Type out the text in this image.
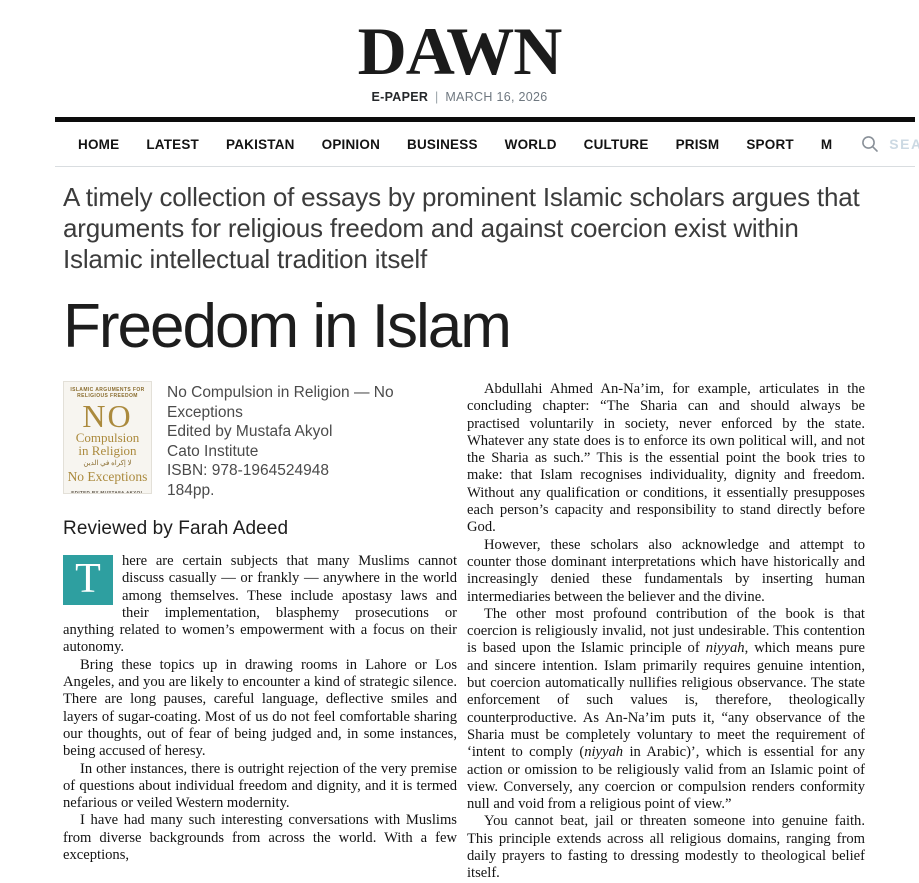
DAWN
E-PAPER | MARCH 16, 2026
HOME LATEST PAKISTAN OPINION BUSINESS WORLD CULTURE PRISM SPORT M
SEARCH
A timely collection of essays by prominent Islamic scholars argues that arguments for religious freedom and against coercion exist within Islamic intellectual tradition itself
Freedom in Islam
ISLAMIC ARGUMENTS FOR RELIGIOUS FREEDOM
NO
Compulsion
in Religion
لا إكراه في الدين
No Exceptions
EDITED BY MUSTAFA AKYOL
No Compulsion in Religion — No Exceptions
Edited by Mustafa Akyol
Cato Institute
ISBN: 978-1964524948
184pp.
Reviewed by Farah Adeed

T	here are certain subjects that many Muslims cannot discuss casually — or frankly — anywhere in the world among themselves. These include apostasy laws and their implementation, blasphemy prosecutions or anything related to women’s empowerment with a focus on their autonomy.

Bring these topics up in drawing rooms in Lahore or Los Angeles, and you are likely to encounter a kind of strategic silence. There are long pauses, careful language, deflective smiles and layers of sugar-coating. Most of us do not feel comfortable sharing our thoughts, out of fear of being judged and, in some instances, being accused of heresy.

In other instances, there is outright rejection of the very premise of questions about individual freedom and dignity, and it is termed nefarious or veiled Western modernity.

I have had many such interesting conversations with Muslims from diverse backgrounds from across the world. With a few exceptions,

Abdullahi Ahmed An-Na’im, for example, articulates in the concluding chapter: “The Sharia can and should always be practised voluntarily in society, never enforced by the state. Whatever any state does is to enforce its own political will, and not the Sharia as such.” This is the essential point the book tries to make: that Islam recognises individuality, dignity and freedom. Without any qualification or conditions, it essentially presupposes each person’s capacity and responsibility to stand directly before God.

However, these scholars also acknowledge and attempt to counter those dominant interpretations which have historically and increasingly denied these fundamentals by inserting human intermediaries between the believer and the divine.

The other most profound contribution of the book is that coercion is religiously invalid, not just undesirable. This contention is based upon the Islamic principle of niyyah, which means pure and sincere intention. Islam primarily requires genuine intention, but coercion automatically nullifies religious observance. The state enforcement of such values is, therefore, theologically counterproductive. As An-Na’im puts it, “any observance of the Sharia must be completely voluntary to meet the requirement of ‘intent to comply (niyyah in Arabic)’, which is essential for any action or omission to be religiously valid from an Islamic point of view. Conversely, any coercion or compulsion renders conformity null and void from a religious point of view.”

You cannot beat, jail or threaten someone into genuine faith. This principle extends across all religious domains, ranging from daily prayers to fasting to dressing modestly to theological belief itself.
